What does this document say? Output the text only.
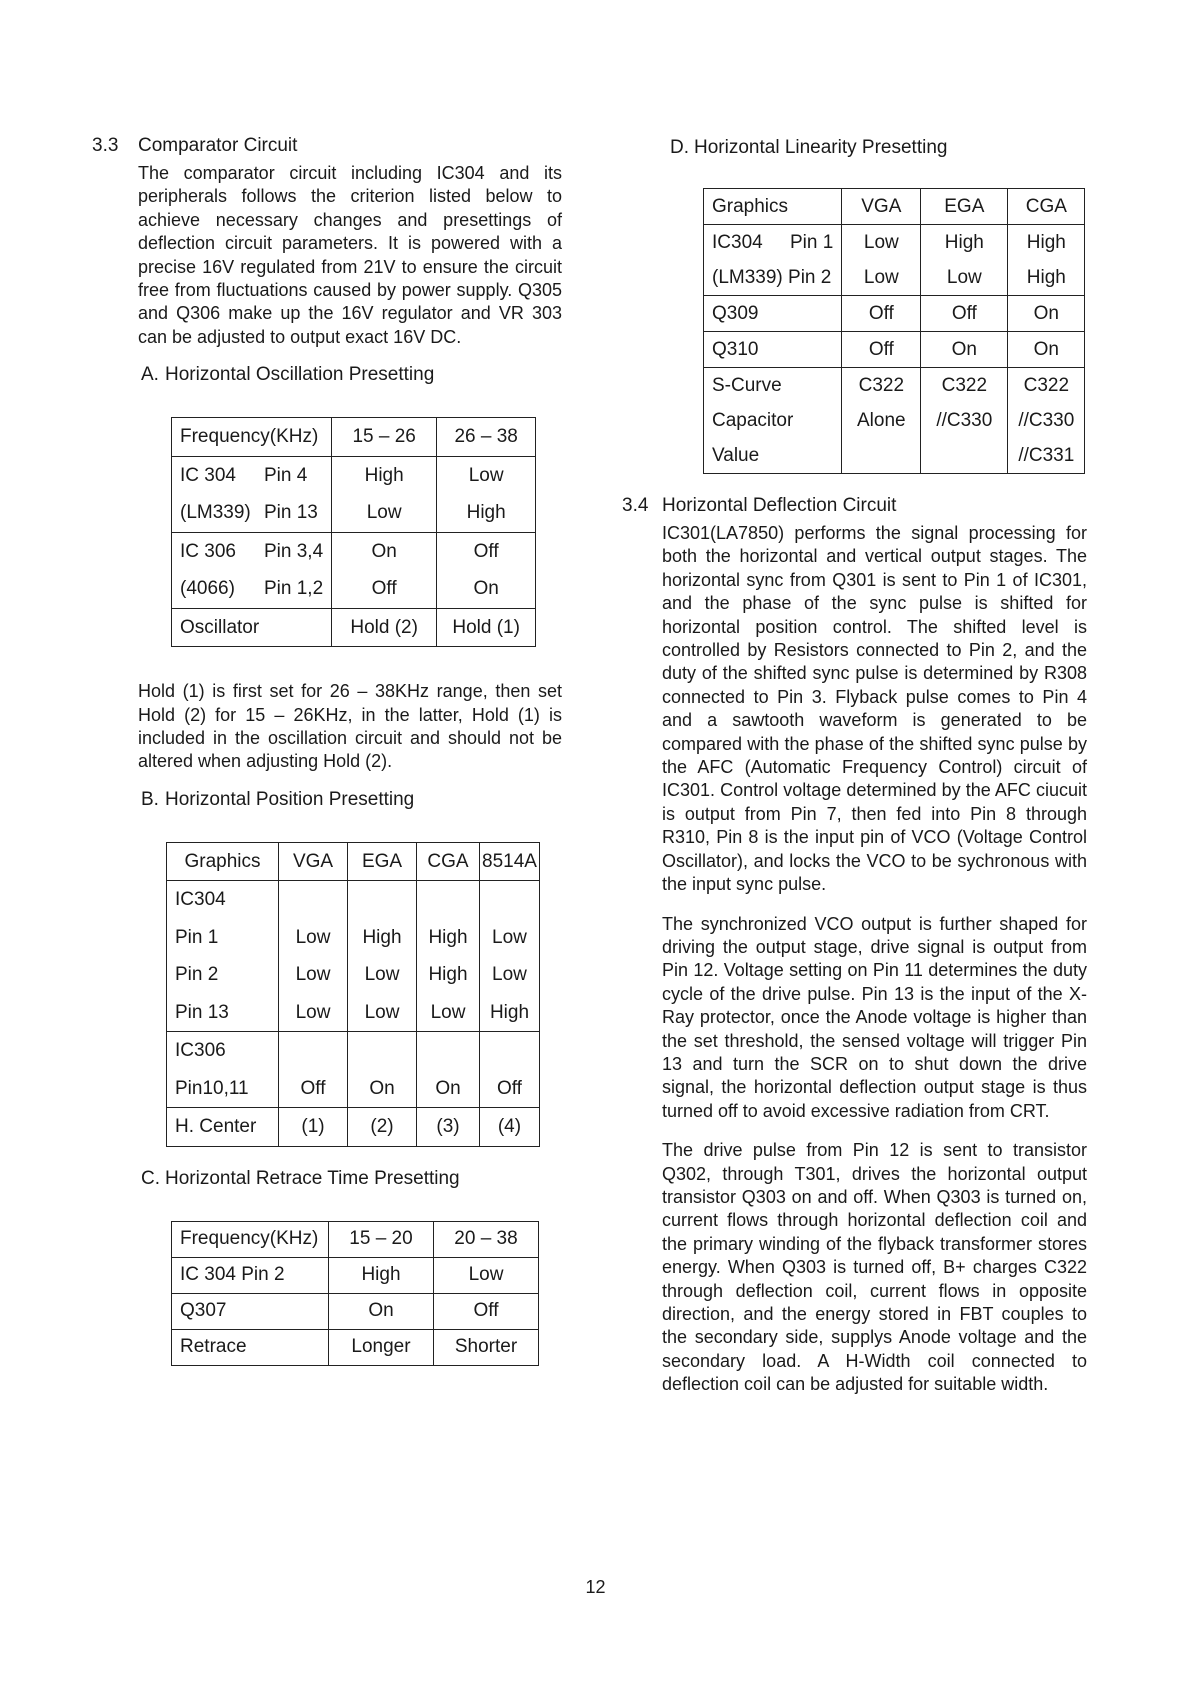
3.3	Comparator Circuit
The comparator circuit including IC304 and its peripherals follows the criterion listed below to achieve necessary changes and presettings of deflection circuit parameters. It is powered with a precise 16V regulated from 21V to ensure the circuit free from fluctuations caused by power supply. Q305 and Q306 make up the 16V regulator and VR 303 can be adjusted to output exact 16V DC.
A. Horizontal Oscillation Presetting
Frequency(KHz)	15 – 26	26 – 38
IC 304 Pin 4	High	Low
(LM339) Pin 13	Low	High
IC 306 Pin 3,4	On	Off
(4066) Pin 1,2	Off	On
Oscillator	Hold (2)	Hold (1)
Hold (1) is first set for 26 – 38KHz range, then set Hold (2) for 15 – 26KHz, in the latter, Hold (1) is included in the oscillation circuit and should not be altered when adjusting Hold (2).
B. Horizontal Position Presetting
Graphics	VGA	EGA	CGA	8514A
IC304				
Pin 1	Low	High	High	Low
Pin 2	Low	Low	High	Low
Pin 13	Low	Low	Low	High
IC306				
Pin10,11	Off	On	On	Off
H. Center	(1)	(2)	(3)	(4)
C. Horizontal Retrace Time Presetting
Frequency(KHz)	15 – 20	20 – 38
IC 304 Pin 2	High	Low
Q307	On	Off
Retrace	Longer	Shorter
D. Horizontal Linearity Presetting
Graphics	VGA	EGA	CGA
IC304 Pin 1	Low	High	High
(LM339) Pin 2	Low	Low	High
Q309	Off	Off	On
Q310	Off	On	On
S-Curve	C322	C322	C322
Capacitor	Alone	//C330	//C330
Value			//C331
3.4 Horizontal Deflection Circuit
IC301(LA7850) performs the signal processing for both the horizontal and vertical output stages. The horizontal sync from Q301 is sent to Pin 1 of IC301, and the phase of the sync pulse is shifted for horizontal position control. The shifted level is controlled by Resistors connected to Pin 2, and the duty of the shifted sync pulse is determined by R308 connected to Pin 3. Flyback pulse comes to Pin 4 and a sawtooth waveform is generated to be compared with the phase of the shifted sync pulse by the AFC (Automatic Frequency Control) circuit of IC301. Control voltage determined by the AFC ciucuit is output from Pin 7, then fed into Pin 8 through R310, Pin 8 is the input pin of VCO (Voltage Control Oscillator), and locks the VCO to be sychronous with the input sync pulse.
The synchronized VCO output is further shaped for driving the output stage, drive signal is output from Pin 12. Voltage setting on Pin 11 determines the duty cycle of the drive pulse. Pin 13 is the input of the X-Ray protector, once the Anode voltage is higher than the set threshold, the sensed voltage will trigger Pin 13 and turn the SCR on to shut down the drive signal, the horizontal deflection output stage is thus turned off to avoid excessive radiation from CRT.
The drive pulse from Pin 12 is sent to transistor Q302, through T301, drives the horizontal output transistor Q303 on and off. When Q303 is turned on, current flows through horizontal deflection coil and the primary winding of the flyback transformer stores energy. When Q303 is turned off, B+ charges C322 through deflection coil, current flows in opposite direction, and the energy stored in FBT couples to the secondary side, supplys Anode voltage and the secondary load. A H-Width coil connected to deflection coil can be adjusted for suitable width.
12
